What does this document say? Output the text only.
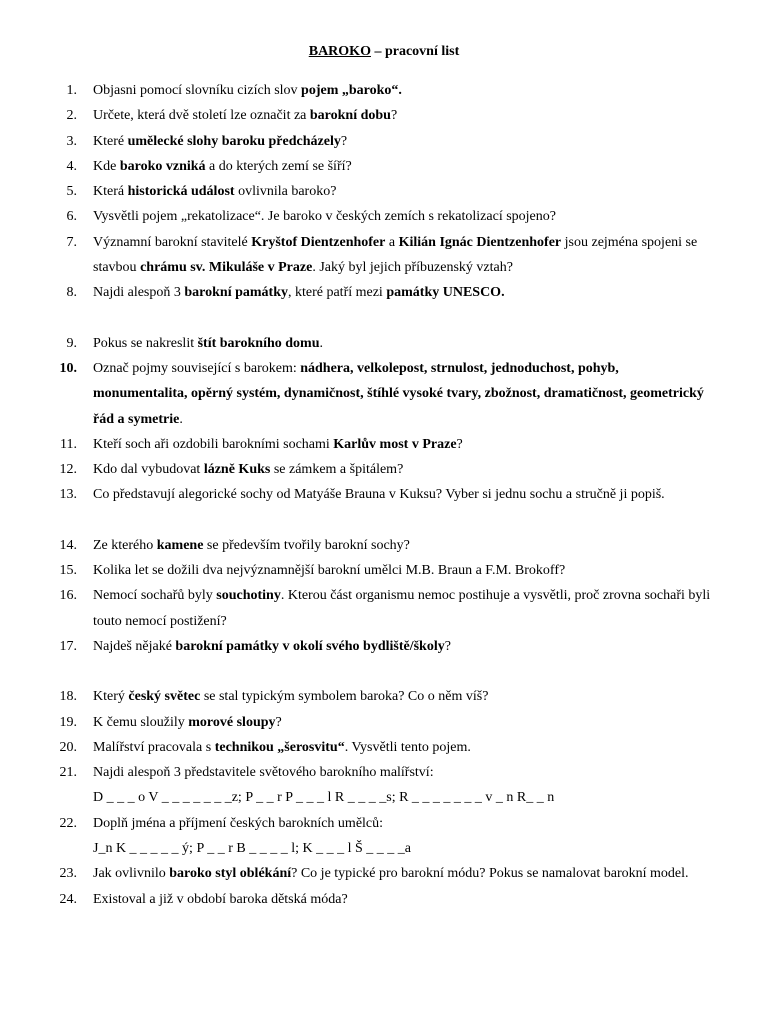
BAROKO – pracovní list
1. Objasni pomocí slovníku cizích slov pojem „baroko“.
2. Určete, která dvě století lze označit za barokní dobu?
3. Které umělecké slohy baroku předcházely?
4. Kde baroko vzniká a do kterých zemí se šíří?
5. Která historická událost ovlivnila baroko?
6. Vysvětli pojem „rekatolizace“. Je baroko v českých zemích s rekatolizací spojeno?
7. Významní barokní stavitelé Kryštof Dientzenhofer a Kilián Ignác Dientzenhofer jsou zejména spojeni se stavbou chrámu sv. Mikuláše v Praze. Jaký byl jejich příbuzenský vztah?
8. Najdi alespoň 3 barokní památky, které patří mezi památky UNESCO.
9. Pokus se nakreslit štít barokního domu.
10. Označ pojmy související s barokem: nádhera, velkolepost, strnulost, jednoduchost, pohyb, monumentalita, opěrný systém, dynamičnost, štíhlé vysoké tvary, zbožnost, dramatičnost, geometrický řád a symetrie.
11. Kteří soch aři ozdobili barokními sochami Karlův most v Praze?
12. Kdo dal vybudovat lázně Kuks se zámkem a špitálem?
13. Co představují alegorické sochy od Matyáše Brauna v Kuksu? Vyber si jednu sochu a stručně ji popiš.
14. Ze kterého kamene se především tvořily barokní sochy?
15. Kolika let se dožili dva nejvýznamnější barokní umělci M.B. Braun a F.M. Brokoff?
16. Nemocí sochařů byly souchotiny. Kterou část organismu nemoc postihuje a vysvětli, proč zrovna sochaři byli touto nemocí postižení?
17. Najdeš nějaké barokní památky v okolí svého bydliště/školy?
18. Který český světec se stal typickým symbolem baroka? Co o něm víš?
19. K čemu sloužily morové sloupy?
20. Malířství pracovala s technikou „šerosvitu“. Vysvětli tento pojem.
21. Najdi alespoň 3 představitele světového barokního malířství:
D _ _ _ o V _ _ _ _ _ _ _z; P _ _ r P _ _ _ l R _ _ _ _s; R _ _ _ _ _ _ _ v _ n R_ _ n
22. Doplň jména a příjmení českých barokních umělců:
J_n K _ _ _ _ _ ý; P _ _ r B _ _ _ _ l; K _ _ _ l Š _ _ _ _a
23. Jak ovlivnilo baroko styl oblékání? Co je typické pro barokní módu? Pokus se namalovat barokní model.
24. Existoval a již v období baroka dětská móda?
